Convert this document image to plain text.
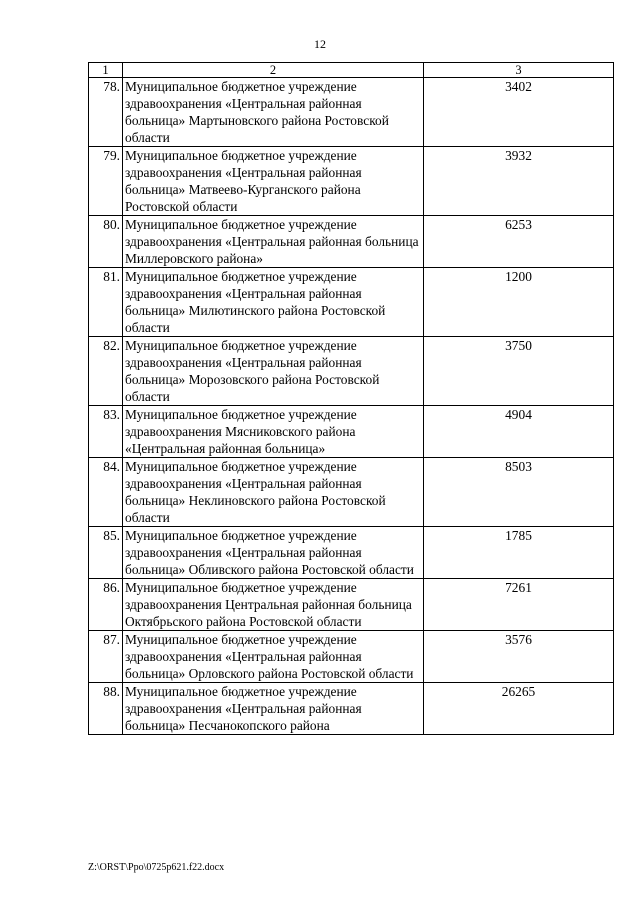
12
1	2	3
78.	Муниципальное бюджетное учреждение здравоохранения «Центральная районная больница» Мартыновского района Ростовской области	3402
79.	Муниципальное бюджетное учреждение здравоохранения «Центральная районная больница» Матвеево-Курганского района Ростовской области	3932
80.	Муниципальное бюджетное учреждение здравоохранения «Центральная районная больница Миллеровского района»	6253
81.	Муниципальное бюджетное учреждение здравоохранения «Центральная районная больница» Милютинского района Ростовской области	1200
82.	Муниципальное бюджетное учреждение здравоохранения «Центральная районная больница» Морозовского района Ростовской области	3750
83.	Муниципальное бюджетное учреждение здравоохранения Мясниковского района «Центральная районная больница»	4904
84.	Муниципальное бюджетное учреждение здравоохранения «Центральная районная больница» Неклиновского района Ростовской области	8503
85.	Муниципальное бюджетное учреждение здравоохранения «Центральная районная больница» Обливского района Ростовской области	1785
86.	Муниципальное бюджетное учреждение здравоохранения Центральная районная больница Октябрьского района Ростовской области	7261
87.	Муниципальное бюджетное учреждение здравоохранения «Центральная районная больница» Орловского района Ростовской области	3576
88.	Муниципальное бюджетное учреждение здравоохранения «Центральная районная больница» Песчанокопского района	26265
Z:\ORST\Ppo\0725p621.f22.docx
